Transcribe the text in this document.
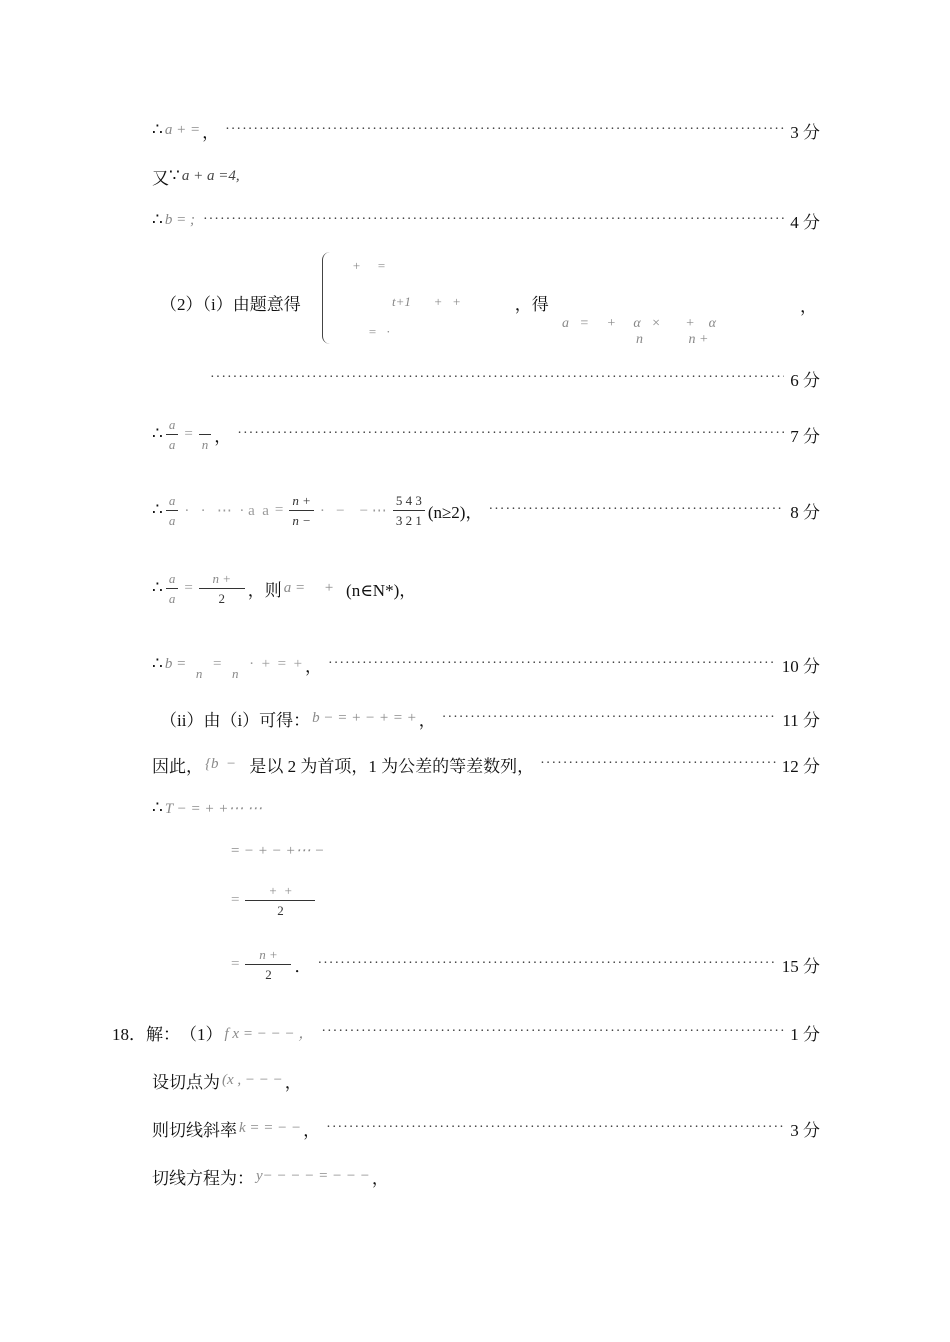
∴ a + = ， ·····	3 分
又 ∵ a + a =4,
∴ b = ; ·····	4 分
+     =
t+1       +   +
=   ·
（2）（i）由题意得	，得
a   =     +     α   ×       +    α
n             n +
，
·····
6 分
∴ $\frac{a}{a}$ =

n ， ·····	7 分
∴ $\frac{a}{a}$ ·   ·   ⋯  · a  $a = \frac{n +}{n -}$ ·   −    − ⋯ $\frac{5 4 3}{3 2 1} (n\ge 2)$， ·····	8 分
∴ $\frac{a}{a} = \frac{n +}{2}$ ，则 a =     + (n∈N*)，
∴ b =

n
=

n
·  +  =  + ， ·····	10 分
（ii）由（i）可得： b − = + − + = + ， ·····	11 分
因此， {b  − 是以 2 为首项，1 为公差的等差数列， ·····	12 分
∴ T − = + +⋯ ⋯
= − + − +⋯ −
= $\frac{+ +}{2}$
= $\frac{n +}{2}$ ． ·····	15 分
18． 解： （1） f x = − − − ， ·····	1 分
设切点为 (x , − − − ，
则切线斜率 k = = − − ， ·····	3 分
切线方程为： y− − − − = − − − ，
